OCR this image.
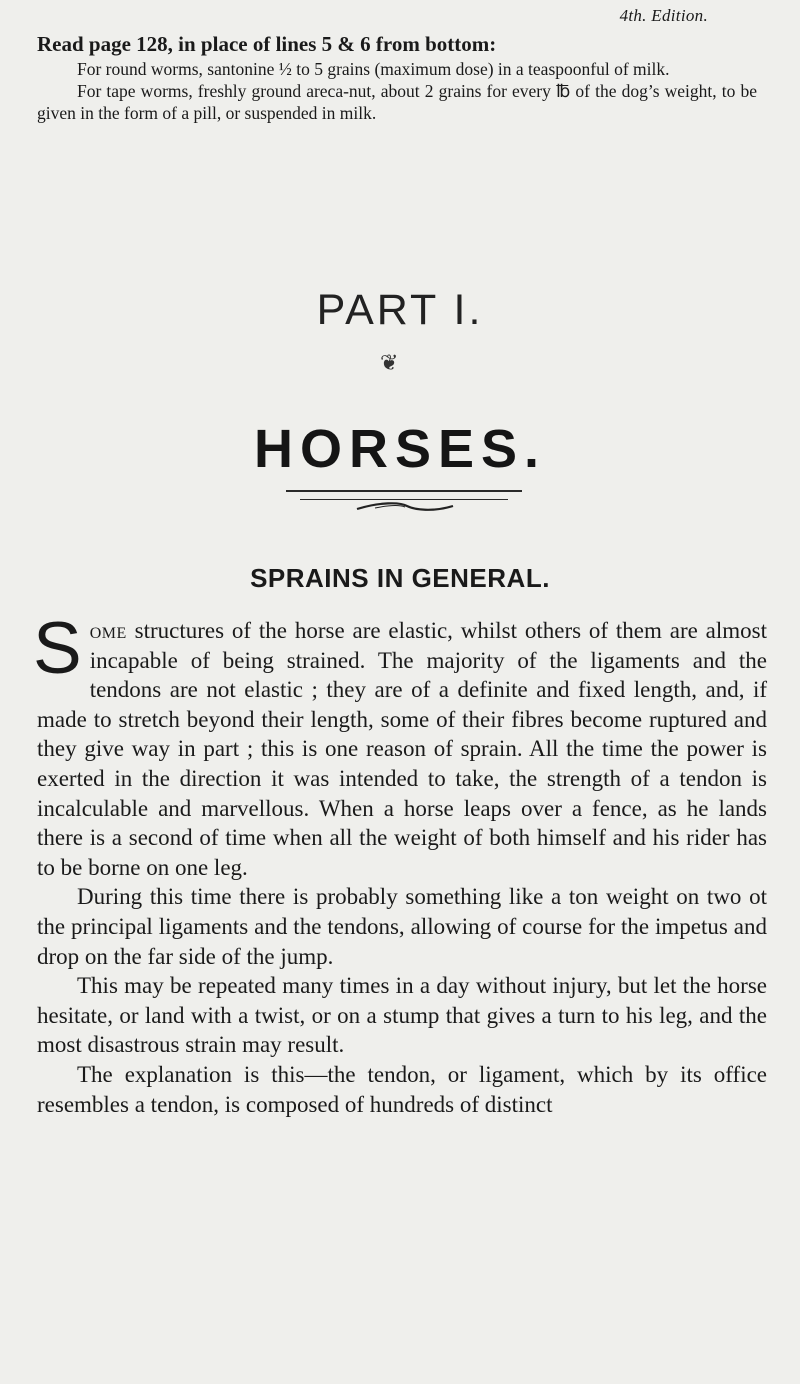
4th. Edition.

Read page 128, in place of lines 5 & 6 from bottom:

For round worms, santonine ½ to 5 grains (maximum dose) in a teaspoonful of milk.

For tape worms, freshly ground areca-nut, about 2 grains for every ℔ of the dog’s weight, to be given in the form of a pill, or suspended in milk.

PART I.
❦
HORSES.
SPRAINS IN GENERAL.

Some structures of the horse are elastic, whilst others of them are almost incapable of being strained. The majority of the ligaments and the tendons are not elastic ; they are of a definite and fixed length, and, if made to stretch beyond their length, some of their fibres become ruptured and they give way in part ; this is one reason of sprain. All the time the power is exerted in the direction it was intended to take, the strength of a tendon is incalculable and marvellous. When a horse leaps over a fence, as he lands there is a second of time when all the weight of both himself and his rider has to be borne on one leg.

During this time there is probably something like a ton weight on two ot the principal ligaments and the tendons, allowing of course for the impetus and drop on the far side of the jump.

This may be repeated many times in a day without injury, but let the horse hesitate, or land with a twist, or on a stump that gives a turn to his leg, and the most disastrous strain may result.

The explanation is this—the tendon, or ligament, which by its office resembles a tendon, is composed of hundreds of distinct
